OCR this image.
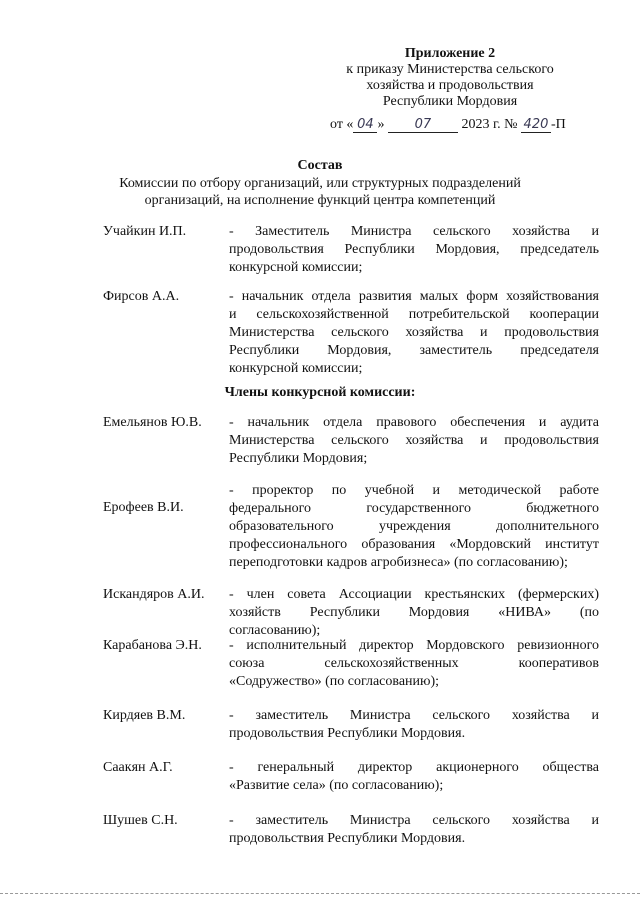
Приложение 2
к приказу Министерства сельского
хозяйства и продовольствия
Республики Мордовия
от « 04 » 07 2023 г. № 420 -П
Состав
Комиссии по отбору организаций, или структурных подразделений
организаций, на исполнение функций центра компетенций
Учайкин И.П.	- Заместитель Министра сельского хозяйства и
продовольствия Республики Мордовия, председатель
конкурсной комиссии;
Фирсов А.А.	- начальник отдела развития малых форм хозяйствования
и сельскохозяйственной потребительской кооперации
Министерства сельского хозяйства и продовольствия
Республики Мордовия, заместитель председателя
конкурсной комиссии;
Члены конкурсной комиссии:
Емельянов Ю.В. - начальник отдела правового обеспечения и аудита
Министерства сельского хозяйства и продовольствия
Республики Мордовия;
Ерофеев В.И.
- проректор по учебной и методической работе
федерального государственного бюджетного
образовательного учреждения дополнительного
профессионального образования «Мордовский институт
переподготовки кадров агробизнеса» (по согласованию);
Искандяров А.И. - член совета Ассоциации крестьянских (фермерских)
хозяйств Республики Мордовия «НИВА» (по
согласованию);
Карабанова Э.Н. - исполнительный директор Мордовского ревизионного
союза сельскохозяйственных кооперативов
«Содружество» (по согласованию);
Кирдяев В.М.	- заместитель Министра сельского хозяйства и
продовольствия Республики Мордовия.
Саакян А.Г.	- генеральный директор акционерного общества
«Развитие села» (по согласованию);
Шушев С.Н.	- заместитель Министра сельского хозяйства и
продовольствия Республики Мордовия.
